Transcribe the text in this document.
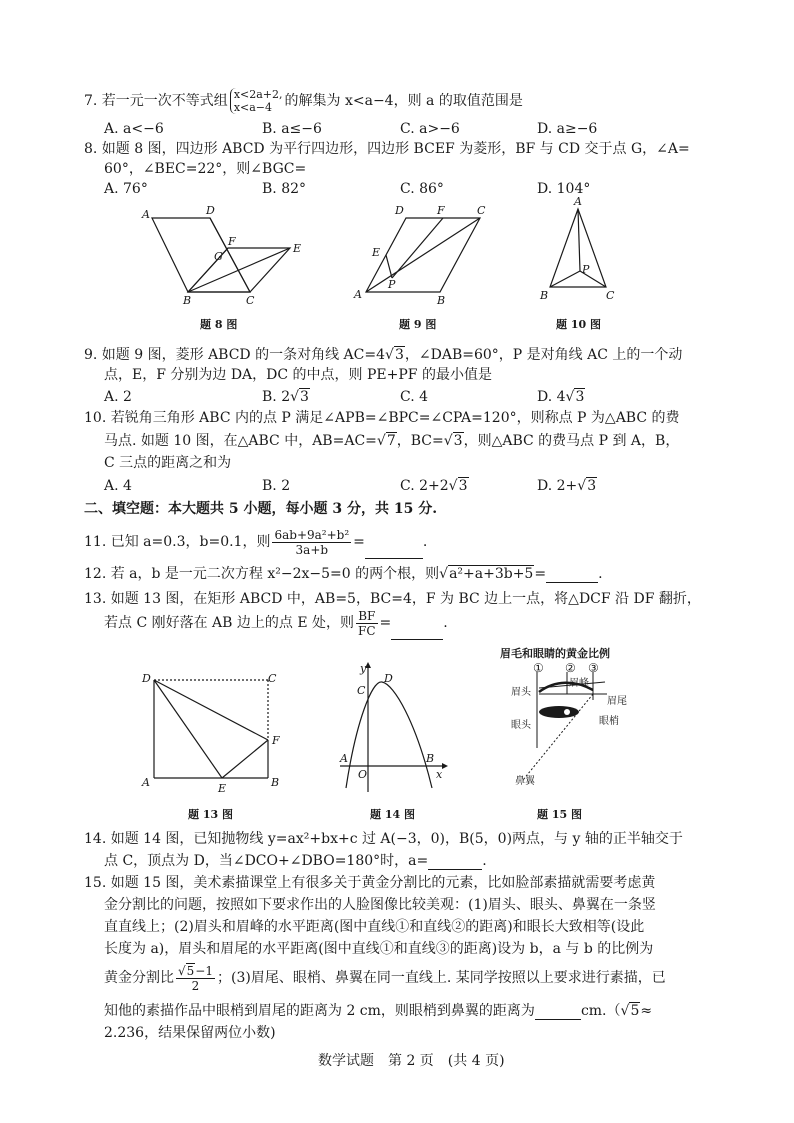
7. 若一元一次不等式组 x<2a+2,
x<a−4 的解集为 x<a−4，则 a 的取值范围是
A. a<−6	B. a≤−6	C. a>−6	D. a≥−6
8. 如题 8 图，四边形 ABCD 为平行四边形，四边形 BCEF 为菱形，BF 与 CD 交于点 G，∠A=
60°，∠BEC=22°，则∠BGC=
A. 76°	B. 82°	C. 86°	D. 104°
A	D
F
G
E
B	C
题 8 图
D	F	C
E
P
A	B
题 9 图
A
P
B	C
题 10 图
9. 如题 9 图，菱形 ABCD 的一条对角线 AC=4√3，∠DAB=60°，P 是对角线 AC 上的一个动
点，E，F 分别为边 DA，DC 的中点，则 PE+PF 的最小值是
A. 2	B. 2√3	C. 4	D. 4√3
10. 若锐角三角形 ABC 内的点 P 满足∠APB=∠BPC=∠CPA=120°，则称点 P 为△ABC 的费
马点. 如题 10 图，在△ABC 中，AB=AC=√7，BC=√3，则△ABC 的费马点 P 到 A，B，
C 三点的距离之和为
A. 4	B. 2	C. 2+2√3	D. 2+√3
二、填空题：本大题共 5 小题，每小题 3 分，共 15 分.
11. 已知 a=0.3，b=0.1，则 $\frac{\text{6ab+9a²+b²}}{3a+b}$ =	.
12. 若 a，b 是一元二次方程 x²−2x−5=0 的两个根，则√a²+a+3b+5=	.
13. 如题 13 图，在矩形 ABCD 中，AB=5，BC=4，F 为 BC 边上一点，将△DCF 沿 DF 翻折，
若点 C 刚好落在 AB 边上的点 E 处，则 $\frac{BF}{FC}$ =	.
D	C
F
A	E	B
题 13 图
y
D
C
A
O
B
x
题 14 图
眉毛和眼睛的黄金比例
① ② ③
眉头
眉峰
眉尾
眼头	眼梢
鼻翼
题 15 图
14. 如题 14 图，已知抛物线 y=ax²+bx+c 过 A(−3，0)，B(5，0)两点，与 y 轴的正半轴交于
点 C，顶点为 D，当∠DCO+∠DBO=180°时，a=	.
15. 如题 15 图，美术素描课堂上有很多关于黄金分割比的元素，比如脸部素描就需要考虑黄
金分割比的问题，按照如下要求作出的人脸图像比较美观：(1)眉头、眼头、鼻翼在一条竖
直直线上；(2)眉头和眉峰的水平距离(图中直线①和直线②的距离)和眼长大致相等(设此
长度为 a)，眉头和眉尾的水平距离(图中直线①和直线③的距离)设为 b，a 与 b 的比例为
黄金分割比 $\frac{√5-1}{2}$ ；(3)眉尾、眼梢、鼻翼在同一直线上. 某同学按照以上要求进行素描，已
知他的素描作品中眼梢到眉尾的距离为 2 cm，则眼梢到鼻翼的距离为	cm.（√5≈
2.236，结果保留两位小数)
数学试题　第 2 页　(共 4 页)
